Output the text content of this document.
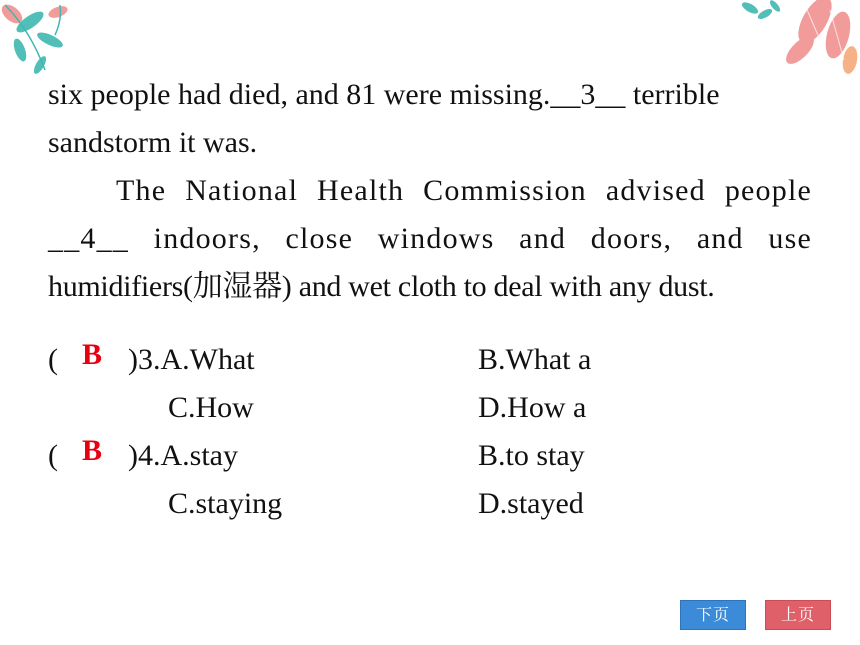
six people had died, and 81 were missing.__3__ terrible
sandstorm it was.
The National Health Commission advised people
__4__ indoors, close windows and doors, and use
humidifiers(加湿器) and wet cloth to deal with any dust.
( B )3.A.What	B.What a
C.How	D.How a
( B )4.A.stay	B.to stay
C.staying	D.stayed
下页	上页
